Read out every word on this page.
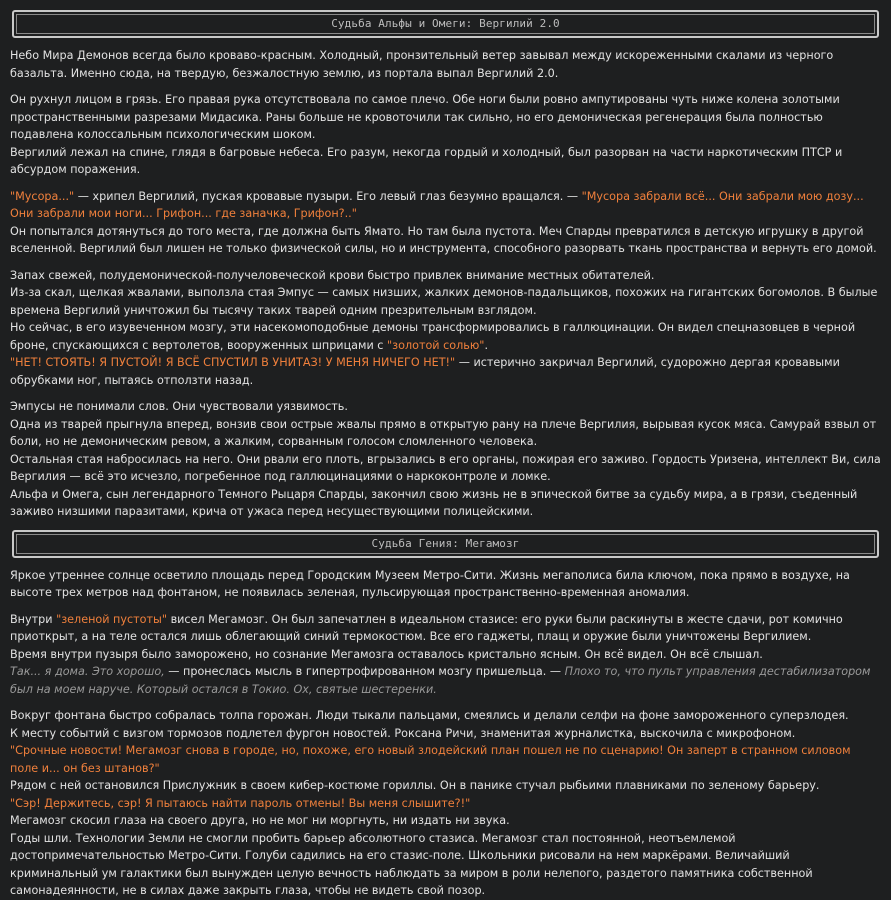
Судьба Альфы и Омеги: Вергилий 2.0
Небо Мира Демонов всегда было кроваво-красным. Холодный, пронзительный ветер завывал между искореженными скалами из черного базальта. Именно сюда, на твердую, безжалостную землю, из портала выпал Вергилий 2.0.
Он рухнул лицом в грязь. Его правая рука отсутствовала по самое плечо. Обе ноги были ровно ампутированы чуть ниже колена золотыми пространственными разрезами Мидасика. Раны больше не кровоточили так сильно, но его демоническая регенерация была полностью подавлена колоссальным психологическим шоком.
Вергилий лежал на спине, глядя в багровые небеса. Его разум, некогда гордый и холодный, был разорван на части наркотическим ПТСР и абсурдом поражения.
"Мусора..." — хрипел Вергилий, пуская кровавые пузыри. Его левый глаз безумно вращался. — "Мусора забрали всё... Они забрали мою дозу... Они забрали мои ноги... Грифон... где заначка, Грифон?.."
Он попытался дотянуться до того места, где должна быть Ямато. Но там была пустота. Меч Спарды превратился в детскую игрушку в другой вселенной. Вергилий был лишен не только физической силы, но и инструмента, способного разорвать ткань пространства и вернуть его домой.
Запах свежей, полудемонической-получеловеческой крови быстро привлек внимание местных обитателей.
Из-за скал, щелкая жвалами, выползла стая Эмпус — самых низших, жалких демонов-падальщиков, похожих на гигантских богомолов. В былые времена Вергилий уничтожил бы тысячу таких тварей одним презрительным взглядом.
Но сейчас, в его изувеченном мозгу, эти насекомоподобные демоны трансформировались в галлюцинации. Он видел спецназовцев в черной броне, спускающихся с вертолетов, вооруженных шприцами с "золотой солью".
"НЕТ! СТОЯТЬ! Я ПУСТОЙ! Я ВСЁ СПУСТИЛ В УНИТАЗ! У МЕНЯ НИЧЕГО НЕТ!" — истерично закричал Вергилий, судорожно дергая кровавыми обрубками ног, пытаясь отползти назад.
Эмпусы не понимали слов. Они чувствовали уязвимость.
Одна из тварей прыгнула вперед, вонзив свои острые жвалы прямо в открытую рану на плече Вергилия, вырывая кусок мяса. Самурай взвыл от боли, но не демоническим ревом, а жалким, сорванным голосом сломленного человека.
Остальная стая набросилась на него. Они рвали его плоть, вгрызались в его органы, пожирая его заживо. Гордость Уризена, интеллект Ви, сила Вергилия — всё это исчезло, погребенное под галлюцинациями о наркоконтроле и ломке.
Альфа и Омега, сын легендарного Темного Рыцаря Спарды, закончил свою жизнь не в эпической битве за судьбу мира, а в грязи, съеденный заживо низшими паразитами, крича от ужаса перед несуществующими полицейскими.
Судьба Гения: Мегамозг
Яркое утреннее солнце осветило площадь перед Городским Музеем Метро-Сити. Жизнь мегаполиса била ключом, пока прямо в воздухе, на высоте трех метров над фонтаном, не появилась зеленая, пульсирующая пространственно-временная аномалия.
Внутри "зеленой пустоты" висел Мегамозг. Он был запечатлен в идеальном стазисе: его руки были раскинуты в жесте сдачи, рот комично приоткрыт, а на теле остался лишь облегающий синий термокостюм. Все его гаджеты, плащ и оружие были уничтожены Вергилием.
Время внутри пузыря было заморожено, но сознание Мегамозга оставалось кристально ясным. Он всё видел. Он всё слышал.
Так... я дома. Это хорошо, — пронеслась мысль в гипертрофированном мозгу пришельца. — Плохо то, что пульт управления дестабилизатором был на моем наруче. Который остался в Токио. Ох, святые шестеренки.
Вокруг фонтана быстро собралась толпа горожан. Люди тыкали пальцами, смеялись и делали селфи на фоне замороженного суперзлодея.
К месту событий с визгом тормозов подлетел фургон новостей. Роксана Ричи, знаменитая журналистка, выскочила с микрофоном.
"Срочные новости! Мегамозг снова в городе, но, похоже, его новый злодейский план пошел не по сценарию! Он заперт в странном силовом поле и... он без штанов?"
Рядом с ней остановился Прислужник в своем кибер-костюме гориллы. Он в панике стучал рыбьими плавниками по зеленому барьеру.
"Сэр! Держитесь, сэр! Я пытаюсь найти пароль отмены! Вы меня слышите?!"
Мегамозг скосил глаза на своего друга, но не мог ни моргнуть, ни издать ни звука.
Годы шли. Технологии Земли не смогли пробить барьер абсолютного стазиса. Мегамозг стал постоянной, неотъемлемой достопримечательностью Метро-Сити. Голуби садились на его стазис-поле. Школьники рисовали на нем маркёрами. Величайший криминальный ум галактики был вынужден целую вечность наблюдать за миром в роли нелепого, раздетого памятника собственной самонадеянности, не в силах даже закрыть глаза, чтобы не видеть свой позор.
